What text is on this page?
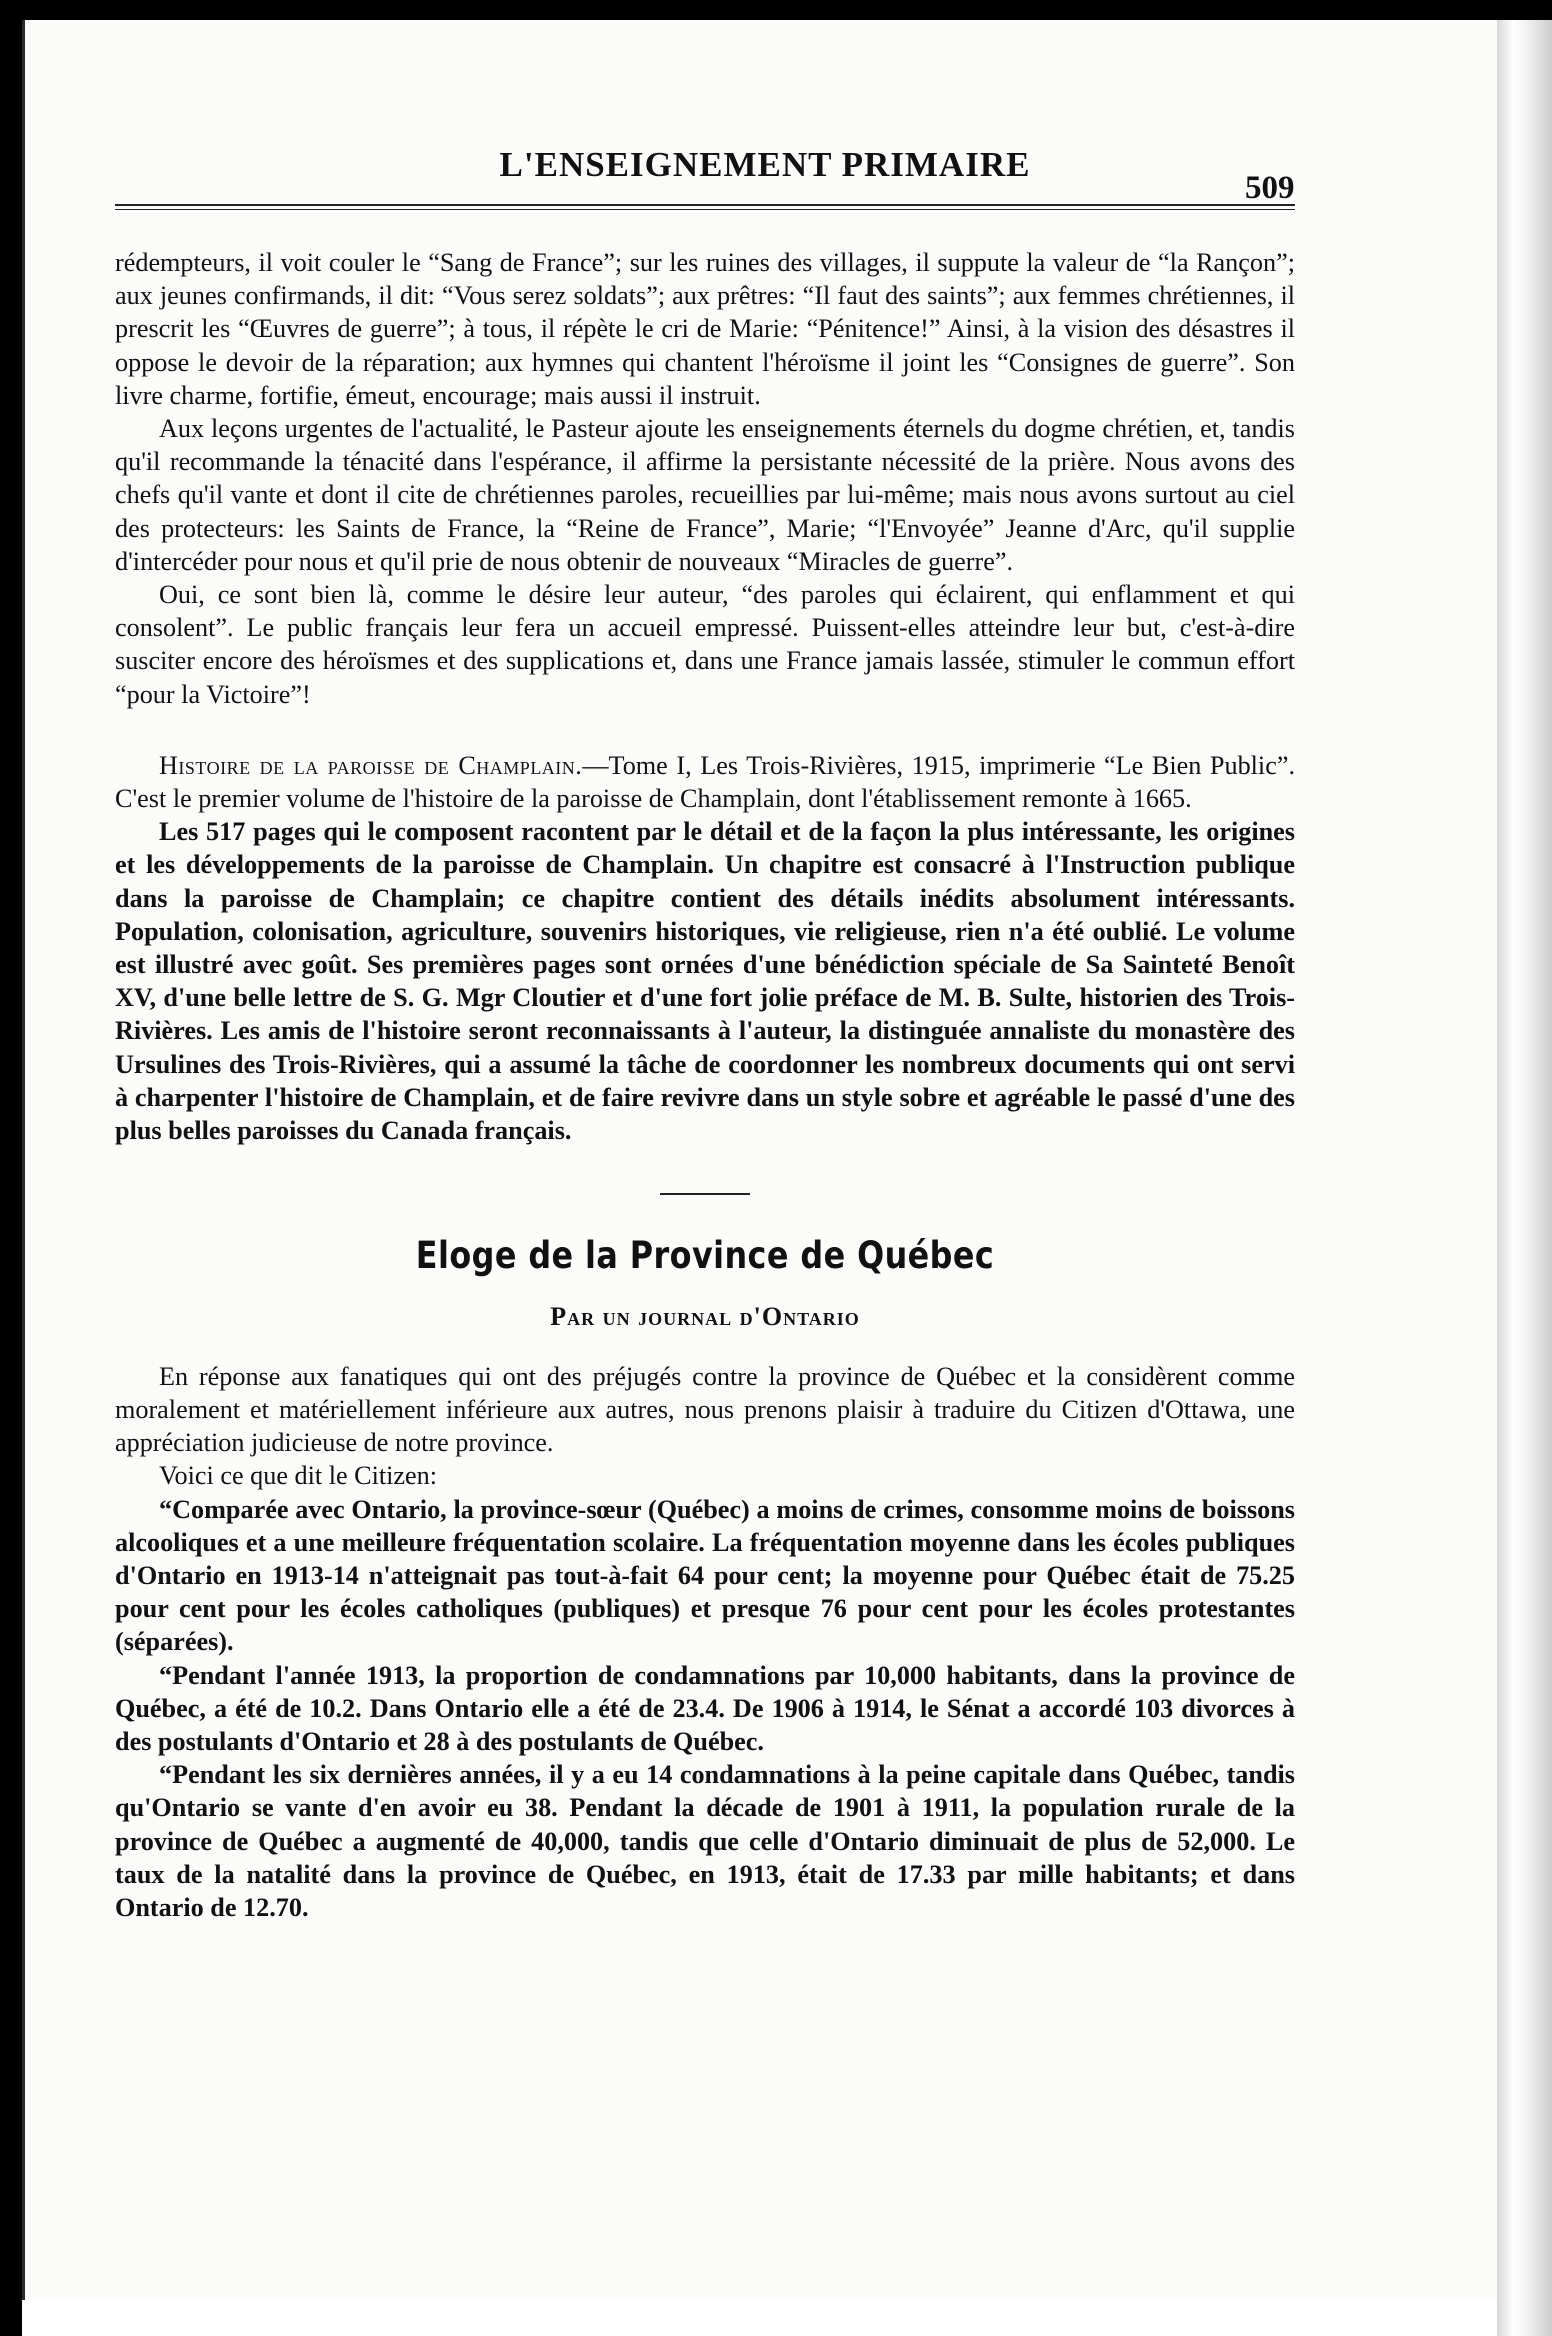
L'ENSEIGNEMENT PRIMAIRE
509

rédempteurs, il voit couler le “Sang de France”; sur les ruines des villages, il suppute la valeur de “la Rançon”; aux jeunes confirmands, il dit: “Vous serez soldats”; aux prêtres: “Il faut des saints”; aux femmes chrétiennes, il prescrit les “Œuvres de guerre”; à tous, il répète le cri de Marie: “Pénitence!” Ainsi, à la vision des désastres il oppose le devoir de la réparation; aux hymnes qui chantent l'héroïsme il joint les “Consignes de guerre”. Son livre charme, fortifie, émeut, encourage; mais aussi il instruit.

Aux leçons urgentes de l'actualité, le Pasteur ajoute les enseignements éternels du dogme chrétien, et, tandis qu'il recommande la ténacité dans l'espérance, il affirme la persistante nécessité de la prière. Nous avons des chefs qu'il vante et dont il cite de chrétiennes paroles, recueillies par lui-même; mais nous avons surtout au ciel des protecteurs: les Saints de France, la “Reine de France”, Marie; “l'Envoyée” Jeanne d'Arc, qu'il supplie d'intercéder pour nous et qu'il prie de nous obtenir de nouveaux “Miracles de guerre”.

Oui, ce sont bien là, comme le désire leur auteur, “des paroles qui éclairent, qui enflamment et qui consolent”. Le public français leur fera un accueil empressé. Puissent-elles atteindre leur but, c'est-à-dire susciter encore des héroïsmes et des supplications et, dans une France jamais lassée, stimuler le commun effort “pour la Victoire”!

Histoire de la paroisse de Champlain.—Tome I, Les Trois-Rivières, 1915, imprimerie “Le Bien Public”. C'est le premier volume de l'histoire de la paroisse de Champlain, dont l'établissement remonte à 1665.

Les 517 pages qui le composent racontent par le détail et de la façon la plus intéressante, les origines et les développements de la paroisse de Champlain. Un chapitre est consacré à l'Instruction publique dans la paroisse de Champlain; ce chapitre contient des détails inédits absolument intéressants. Population, colonisation, agriculture, souvenirs historiques, vie religieuse, rien n'a été oublié. Le volume est illustré avec goût. Ses premières pages sont ornées d'une bénédiction spéciale de Sa Sainteté Benoît XV, d'une belle lettre de S. G. Mgr Cloutier et d'une fort jolie préface de M. B. Sulte, historien des Trois-Rivières. Les amis de l'histoire seront reconnaissants à l'auteur, la distinguée annaliste du monastère des Ursulines des Trois-Rivières, qui a assumé la tâche de coordonner les nombreux documents qui ont servi à charpenter l'histoire de Champlain, et de faire revivre dans un style sobre et agréable le passé d'une des plus belles paroisses du Canada français.

Eloge de la Province de Québec
Par un journal d'Ontario

En réponse aux fanatiques qui ont des préjugés contre la province de Québec et la considèrent comme moralement et matériellement inférieure aux autres, nous prenons plaisir à traduire du Citizen d'Ottawa, une appréciation judicieuse de notre province.

Voici ce que dit le Citizen:

“Comparée avec Ontario, la province-sœur (Québec) a moins de crimes, consomme moins de boissons alcooliques et a une meilleure fréquentation scolaire. La fréquentation moyenne dans les écoles publiques d'Ontario en 1913-14 n'atteignait pas tout-à-fait 64 pour cent; la moyenne pour Québec était de 75.25 pour cent pour les écoles catholiques (publiques) et presque 76 pour cent pour les écoles protestantes (séparées).

“Pendant l'année 1913, la proportion de condamnations par 10,000 habitants, dans la province de Québec, a été de 10.2. Dans Ontario elle a été de 23.4. De 1906 à 1914, le Sénat a accordé 103 divorces à des postulants d'Ontario et 28 à des postulants de Québec.

“Pendant les six dernières années, il y a eu 14 condamnations à la peine capitale dans Québec, tandis qu'Ontario se vante d'en avoir eu 38. Pendant la décade de 1901 à 1911, la population rurale de la province de Québec a augmenté de 40,000, tandis que celle d'Ontario diminuait de plus de 52,000. Le taux de la natalité dans la province de Québec, en 1913, était de 17.33 par mille habitants; et dans Ontario de 12.70.
